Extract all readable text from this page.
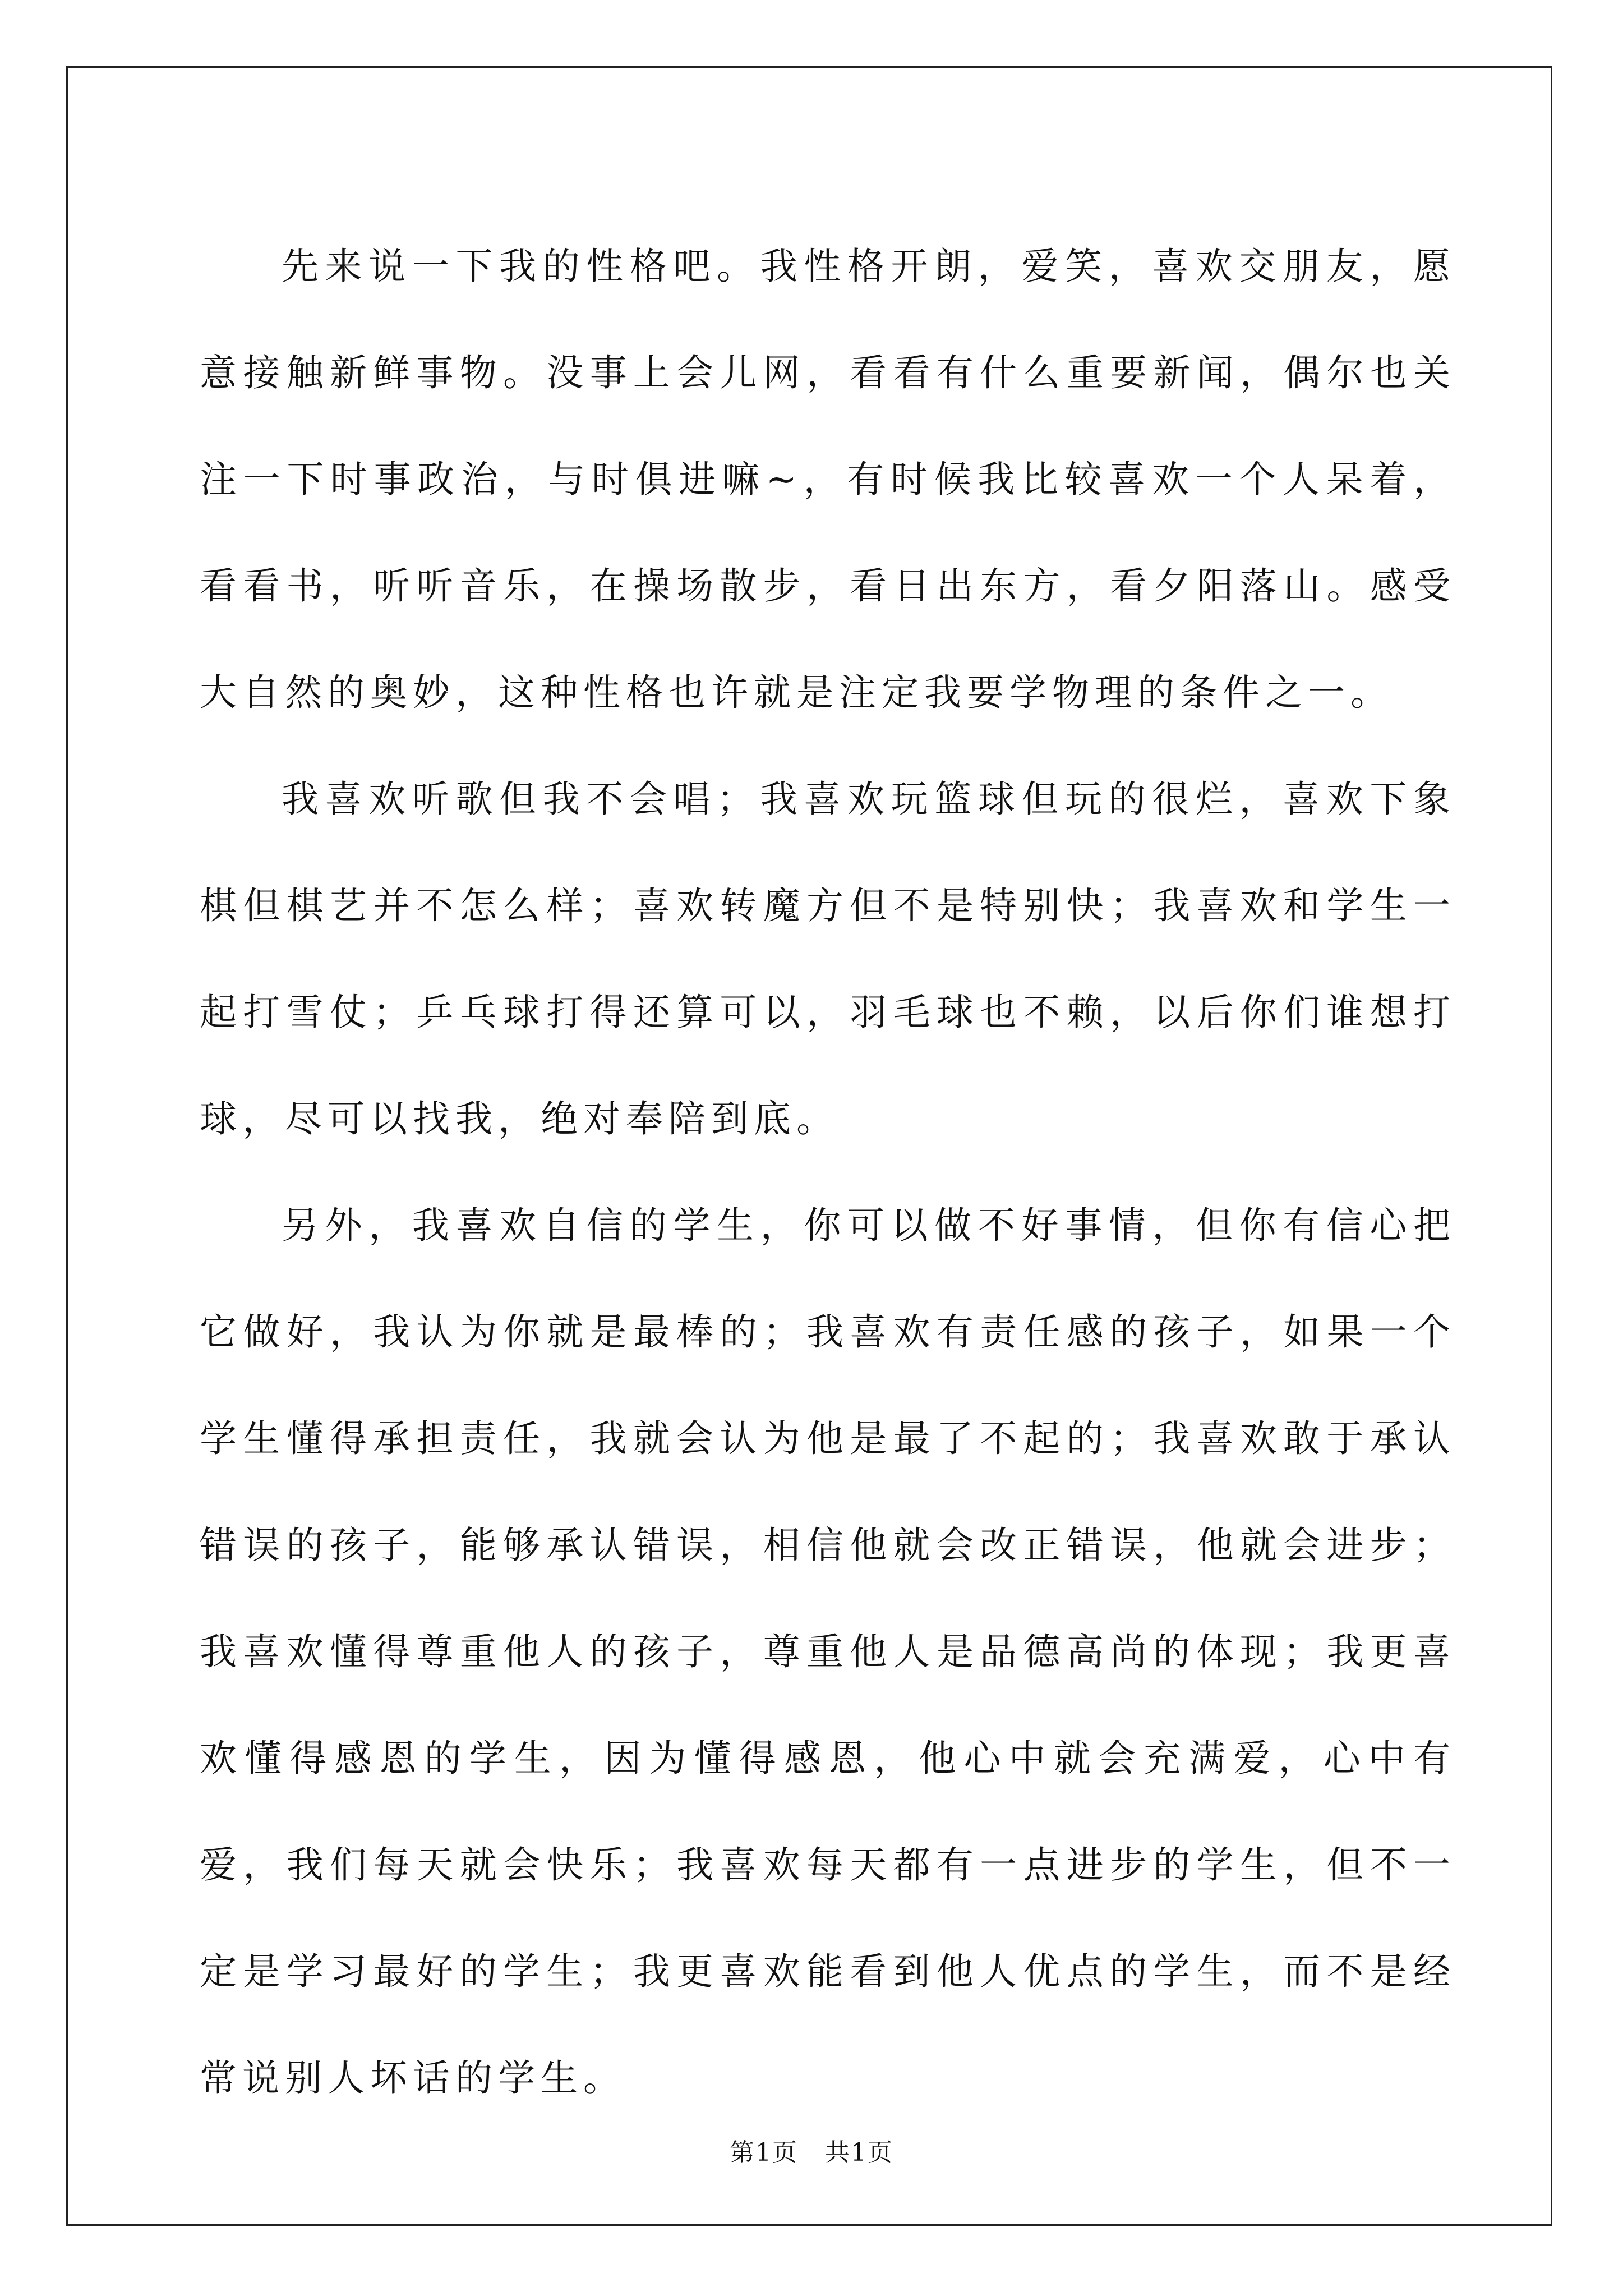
先来说一下我的性格吧。我性格开朗，爱笑，喜欢交朋友，愿意接触新鲜事物。没事上会儿网，看看有什么重要新闻，偶尔也关注一下时事政治，与时俱进嘛~，有时候我比较喜欢一个人呆着，看看书，听听音乐，在操场散步，看日出东方，看夕阳落山。感受大自然的奥妙，这种性格也许就是注定我要学物理的条件之一。

我喜欢听歌但我不会唱；我喜欢玩篮球但玩的很烂，喜欢下象棋但棋艺并不怎么样；喜欢转魔方但不是特别快；我喜欢和学生一起打雪仗；乒乓球打得还算可以，羽毛球也不赖，以后你们谁想打球，尽可以找我，绝对奉陪到底。

另外，我喜欢自信的学生，你可以做不好事情，但你有信心把它做好，我认为你就是最棒的；我喜欢有责任感的孩子，如果一个学生懂得承担责任，我就会认为他是最了不起的；我喜欢敢于承认错误的孩子，能够承认错误，相信他就会改正错误，他就会进步；我喜欢懂得尊重他人的孩子，尊重他人是品德高尚的体现；我更喜欢懂得感恩的学生，因为懂得感恩，他心中就会充满爱，心中有爱，我们每天就会快乐；我喜欢每天都有一点进步的学生，但不一定是学习最好的学生；我更喜欢能看到他人优点的学生，而不是经常说别人坏话的学生。

第1页 共1页
